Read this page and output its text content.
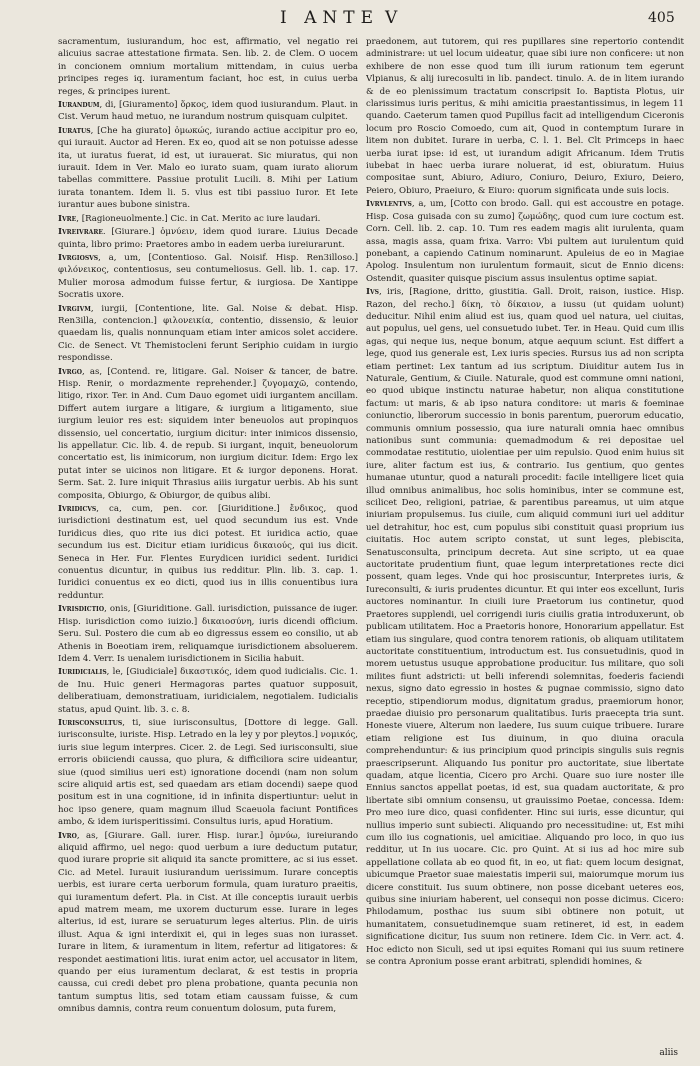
I ANTE V	405

sacramentum, iusiurandum, hoc est, affirmatio, vel negatio rei alicuius sacrae attestatione firmata. Sen. lib. 2. de Clem. O uocem in concionem omnium mortalium mittendam, in cuius uerba principes reges iq. iuramentum faciant, hoc est, in cuius uerba reges, & principes iurent.

Iurandum, di, [Giuramento] ὅρκος, idem quod iusiurandum. Plaut. in Cist. Verum haud metuo, ne iurandum nostrum quisquam culpitet.

Iuratus, [Che ha giurato] ὀμωκώς, iurando actiue accipitur pro eo, qui iurauit. Auctor ad Heren. Ex eo, quod ait se non potuisse adesse ita, ut iuratus fuerat, id est, ut iurauerat. Sic miuratus, qui non iurauit. Idem in Ver. Malo eo iurato suam, quam iurato aliorum tabellas committere. Passiue protulit Lucili. 8. Mihi per Latium iurata tonantem. Idem li. 5. vlus est tibi passiuo Iuror. Et Iete iurantur aues bubone sinistra.

Ivre, [Ragioneuolmente.] Cic. in Cat. Merito ac iure laudari.

Ivreivrare. [Giurare.] ὀμνύειν, idem quod iurare. Liuius Decade quinta, libro primo: Praetores ambo in eadem uerba iureiurarunt.

Ivrgiosvs, a, um, [Contentioso. Gal. Noisif. Hisp. Ren3illoso.] φιλόνεικος, contentiosus, seu contumeliosus. Gell. lib. 1. cap. 17. Mulier morosa admodum fuisse fertur, & iurgiosa. De Xantippe Socratis uxore.

Ivrgivm, iurgii, [Contentione, lite. Gal. Noise & debat. Hisp. Ren3illa, contencion.] φιλονεικία, contentio, dissensio, & leuior quaedam lis, qualis nonnunquam etiam inter amicos solet accidere. Cic. de Senect. Vt Themistocleni ferunt Seriphio cuidam in iurgio respondisse.

Ivrgo, as, [Contend. re, litigare. Gal. Noiser & tancer, de batre. Hisp. Renir, o mordazmente reprehender.] ζυγομαχῶ, contendo, litigo, rixor. Ter. in And. Cum Dauo egomet uidi iurgantem ancillam. Differt autem iurgare a litigare, & iurgium a litigamento, siue iurgium leuior res est: siquidem inter beneuolos aut propinquos dissensio, uel concertatio, iurgium dicitur: inter inimicos dissensio, lis appellatur. Cic. lib. 4. de repub. Si iurgant, inquit, beneuolorum concertatio est, lis inimicorum, non iurgium dicitur. Idem: Ergo lex putat inter se uicinos non litigare. Et & iurgor deponens. Horat. Serm. Sat. 2. Iure iniquit Thrasius aiiis iurgatur uerbis. Ab his sunt composita, Obiurgo, & Obiurgor, de quibus alibi.

Ivridicvs, ca, cum, pen. cor. [Giuriditione.] ἔνδικος, quod iurisdictioni destinatum est, uel quod secundum ius est. Vnde Iuridicus dies, quo rite ius dici potest. Et iuridica actio, quae secundum ius est. Dicitur etiam iuridicus δικαιούς, qui ius dicit. Seneca in Her. Fur. Flentes Eurydicen iuridici sedent. Iuridici conuentus dicuntur, in quibus ius redditur. Plin. lib. 3. cap. 1. Iuridici conuentus ex eo dicti, quod ius in illis conuentibus iura redduntur.

Ivrisdictio, onis, [Giuriditione. Gall. iurisdiction, puissance de iuger. Hisp. iurisdiction como iuizio.] δικαιοσύνη, iuris dicendi officium. Seru. Sul. Postero die cum ab eo digressus essem eo consilio, ut ab Athenis in Boeotiam irem, reliquamque iurisdictionem absoluerem. Idem 4. Verr. Is uenalem iurisdictionem in Sicilia habuit.

Iuridicialis, le, [Giudiciale] δικαστικός, idem quod iudicialis. Cic. 1. de Inu. Huic generi Hermagoras partes quatuor supposuit, deliberatiuam, demonstratiuam, iuridicialem, negotialem. Iudicialis status, apud Quint. lib. 3. c. 8.

Iurisconsultus, ti, siue iurisconsultus, [Dottore di legge. Gall. iurisconsulte, iuriste. Hisp. Letrado en la ley y por pleytos.] νομικός, iuris siue legum interpres. Cicer. 2. de Legi. Sed iurisconsulti, siue erroris obiiciendi caussa, quo plura, & difficiliora scire uideantur, siue (quod similius ueri est) ignoratione docendi (nam non solum scire aliquid artis est, sed quaedam ars etiam docendi) saepe quod positum est in una cognitione, id in infinita dispertiuntur: uelut in hoc ipso genere, quam magnum illud Scaeuola faciunt Pontifices ambo, & idem iurisperitissimi. Consultus iuris, apud Horatium.

Ivro, as, [Giurare. Gall. iurer. Hisp. iurar.] ὀμνύω, iureiurando aliquid affirmo, uel nego: quod uerbum a iure deductum putatur, quod iurare proprie sit aliquid ita sancte promittere, ac si ius esset. Cic. ad Metel. Iurauit iusiurandum uerissimum. Iurare conceptis uerbis, est iurare certa uerborum formula, quam iuraturo praeitis, qui iuramentum defert. Pla. in Cist. At ille conceptis iurauit uerbis apud matrem meam, me uxorem ducturum esse. Iurare in leges alterius, id est, iurare se seruaturum leges alterius. Plin. de uiris illust. Aqua & igni interdixit ei, qui in leges suas non iurasset. Iurare in litem, & iuramentum in litem, refertur ad litigatores: & respondet aestimationi litis. iurat enim actor, uel accusator in litem, quando per eius iuramentum declarat, & est testis in propria caussa, cui credi debet pro plena probatione, quanta pecunia non tantum sumptus litis, sed totam etiam caussam fuisse, & cum omnibus damnis, contra reum conuentum dolosum, puta furem,

praedonem, aut tutorem, qui res pupillares sine repertorio contendit administrare: ut uel locum uideatur, quae sibi iure non conficere: ut non exhibere de non esse quod tum illi iurum rationum tem egerunt Vlpianus, & alij iurecosulti in lib. pandect. tinulo. A. de in litem iurando & de eo plenissimum tractatum conscripsit Io. Baptista Plotus, uir clarissimus iuris peritus, & mihi amicitia praestantissimus, in legem 11 quando. Caeterum tamen quod Pupillus facit ad intelligendum Ciceronis locum pro Roscio Comoedo, cum ait, Quod in contemptum Iurare in litem non dubitet. Iurare in uerba, C. l. 1. Bel. Clt Primceps in haec uerba iurat ipse: id est, ut iurandum adigit Africanum. Idem Trutis iubebat in haec uerba iurare noluerat, id est, obiuratum. Huius compositae sunt, Abiuro, Adiuro, Coniuro, Deiuro, Exiuro, Deiero, Peiero, Obiuro, Praeiuro, & Eiuro: quorum significata unde suis locis.

Ivrvlentvs, a, um, [Cotto con brodo. Gall. qui est accoustre en potage. Hisp. Cosa guisada con su zumo] ζωμώδης, quod cum iure coctum est. Corn. Cell. lib. 2. cap. 10. Tum res eadem magis alit iurulenta, quam assa, magis assa, quam frixa. Varro: Vbi pultem aut iurulentum quid ponebant, a capiendo Catinum nominarunt. Apuleius de eo in Magiae Apolog. Insulentum non iurulentum formauit, sicut de Ennio dicens: Ostendit, quasiter quisque piscium assus insulentus optime sapiat.

Ivs, iris, [Ragione, dritto, giustitia. Gall. Droit, raison, iustice. Hisp. Razon, del recho.] δίκη, τὸ δίκαιον, a iussu (ut quidam uolunt) deducitur. Nihil enim aliud est ius, quam quod uel natura, uel ciuitas, aut populus, uel gens, uel consuetudo iubet. Ter. in Heau. Quid cum illis agas, qui neque ius, neque bonum, atque aequum sciunt. Est differt a lege, quod ius generale est, Lex iuris species. Rursus ius ad non scripta etiam pertinet: Lex tantum ad ius scriptum. Diuiditur autem Ius in Naturale, Gentium, & Ciuile. Naturale, quod est commune omni nationi, eo quod ubique instinctu naturae habetur, non aliqua constitutione factum: ut maris, & ab ipso natura conditore: ut maris & foeminae coniunctio, liberorum successio in bonis parentum, puerorum educatio, communis omnium possessio, qua iure naturali omnia haec omnibus nationibus sunt communia: quemadmodum & rei depositae uel commodatae restitutio, uiolentiae per uim repulsio. Quod enim huius sit iure, aliter factum est ius, & contrario. Ius gentium, quo gentes humanae utuntur, quod a naturali procedit: facile intelligere licet quia illud omnibus animalibus, hoc solis hominibus, inter se commune est, scilicet Deo, religioni, patriae, & parentibus pareamus, ut uim atque iniuriam propulsemus. Ius ciuile, cum aliquid communi iuri uel additur uel detrahitur, hoc est, cum populus sibi constituit quasi proprium ius ciuitatis. Hoc autem scripto constat, ut sunt leges, plebiscita, Senatusconsulta, principum decreta. Aut sine scripto, ut ea quae auctoritate prudentium fiunt, quae legum interpretationes recte dici possent, quam leges. Vnde qui hoc prosiscuntur, Interpretes iuris, & Iureconsulti, & iuris prudentes dicuntur. Et qui inter eos excellunt, Iuris auctores nominantur. In ciuili iure Praetorum ius continetur, quod Praetores supplendi, uel corrigendi iuris ciuilis gratia introduxerunt, ob publicam utilitatem. Hoc a Praetoris honore, Honorarium appellatur. Est etiam ius singulare, quod contra tenorem rationis, ob aliquam utilitatem auctoritate constituentium, introductum est. Ius consuetudinis, quod in morem uetustus usuque approbatione producitur. Ius militare, quo soli milites fiunt adstricti: ut belli inferendi solemnitas, foederis faciendi nexus, signo dato egressio in hostes & pugnae commissio, signo dato receptio, stipendiorum modus, dignitatum gradus, praemiorum honor, praedae diuisio pro personarum qualitatibus. Iuris praecepta tria sunt. Honeste viuere, Alterum non laedere, Ius suum cuique tribuere. Iurare etiam religione est Ius diuinum, in quo diuina oracula comprehenduntur: & ius principium quod principis singulis suis regnis praescripserunt. Aliquando Ius ponitur pro auctoritate, siue libertate quadam, atque licentia, Cicero pro Archi. Quare suo iure noster ille Ennius sanctos appellat poetas, id est, sua quadam auctoritate, & pro libertate sibi omnium consensu, ut grauissimo Poetae, concessa. Idem: Pro meo iure dico, quasi confidenter. Hinc sui iuris, esse dicuntur, qui nullius imperio sunt subiecti. Aliquando pro necessitudine: ut, Est mihi cum illo ius cognationis, uel amicitiae. Aliquando pro loco, in quo ius redditur, ut In ius uocare. Cic. pro Quint. At si ius ad hoc mire sub appellatione collata ab eo quod fit, in eo, ut fiat: quem locum designat, ubicumque Praetor suae maiestatis imperii sui, maiorumque morum ius dicere constituit. Ius suum obtinere, non posse dicebant ueteres eos, quibus sine iniuriam haberent, uel consequi non posse dicimus. Cicero: Philodamum, posthac ius suum sibi obtinere non potuit, ut humanitatem, consuetudinemque suam retineret, id est, in eadem significatione dicitur, Ius suum non retinere. Idem Cic. in Verr. act. 4. Hoc edicto non Siculi, sed ut ipsi equites Romani qui ius suum retinere se contra Apronium posse erant arbitrati, splendidi homines, &

aliis
